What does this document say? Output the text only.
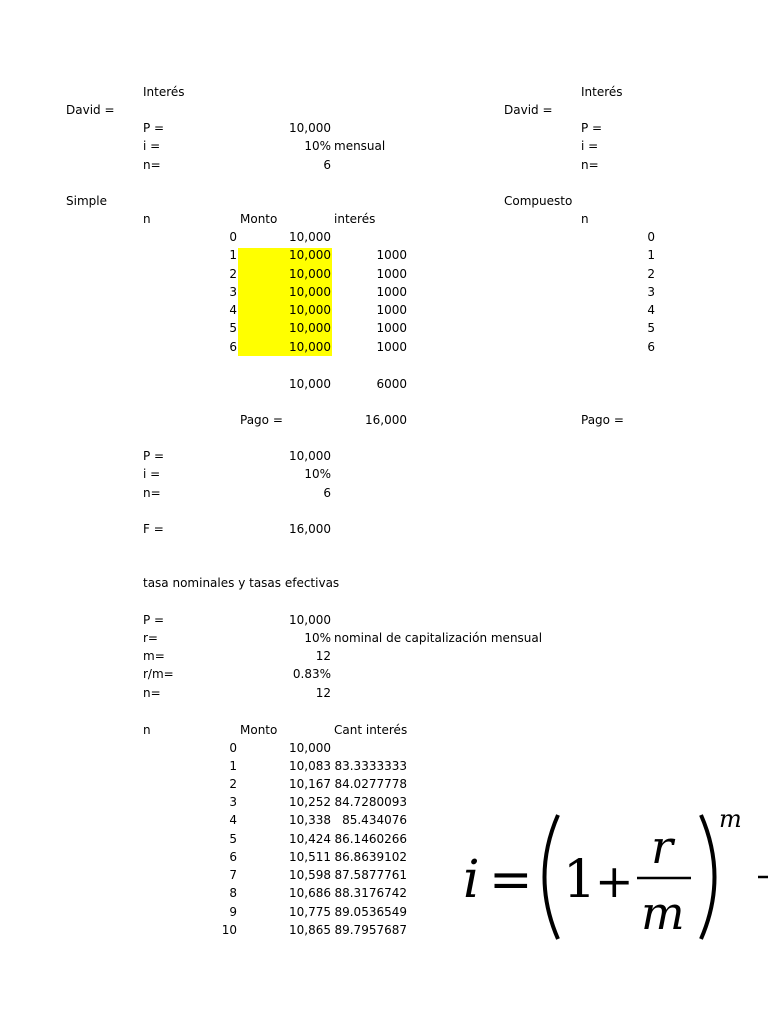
Interés
David =
P =	10,000
i =	10% mensual
n=	6
Simple
n	Monto	interés
0	10,000
1	10,000	1000
2	10,000	1000
3	10,000	1000
4	10,000	1000
5	10,000	1000
6	10,000	1000
10,000	6000
Pago =	16,000
P =	10,000
i =	10%
n=	6
F =	16,000
Interés
David =
P =
i =
n=
Compuesto
n
0
1
2
3
4
5
6
Pago =
tasa nominales y tasas efectivas
P =	10,000
r=	10% nominal de capitalización mensual
m=	12
r/m=	0.83%
n=	12
n	Monto	Cant interés
0	10,000
1	10,083 83.3333333
2	10,167 84.0277778
3	10,252 84.7280093
4	10,338 85.434076
5	10,424 86.1460266
6	10,511 86.8639102
7	10,598 87.5877761
8	10,686 88.3176742
9	10,775 89.0536549
10	10,865 89.7957687
i = 1
+
r
m
m
